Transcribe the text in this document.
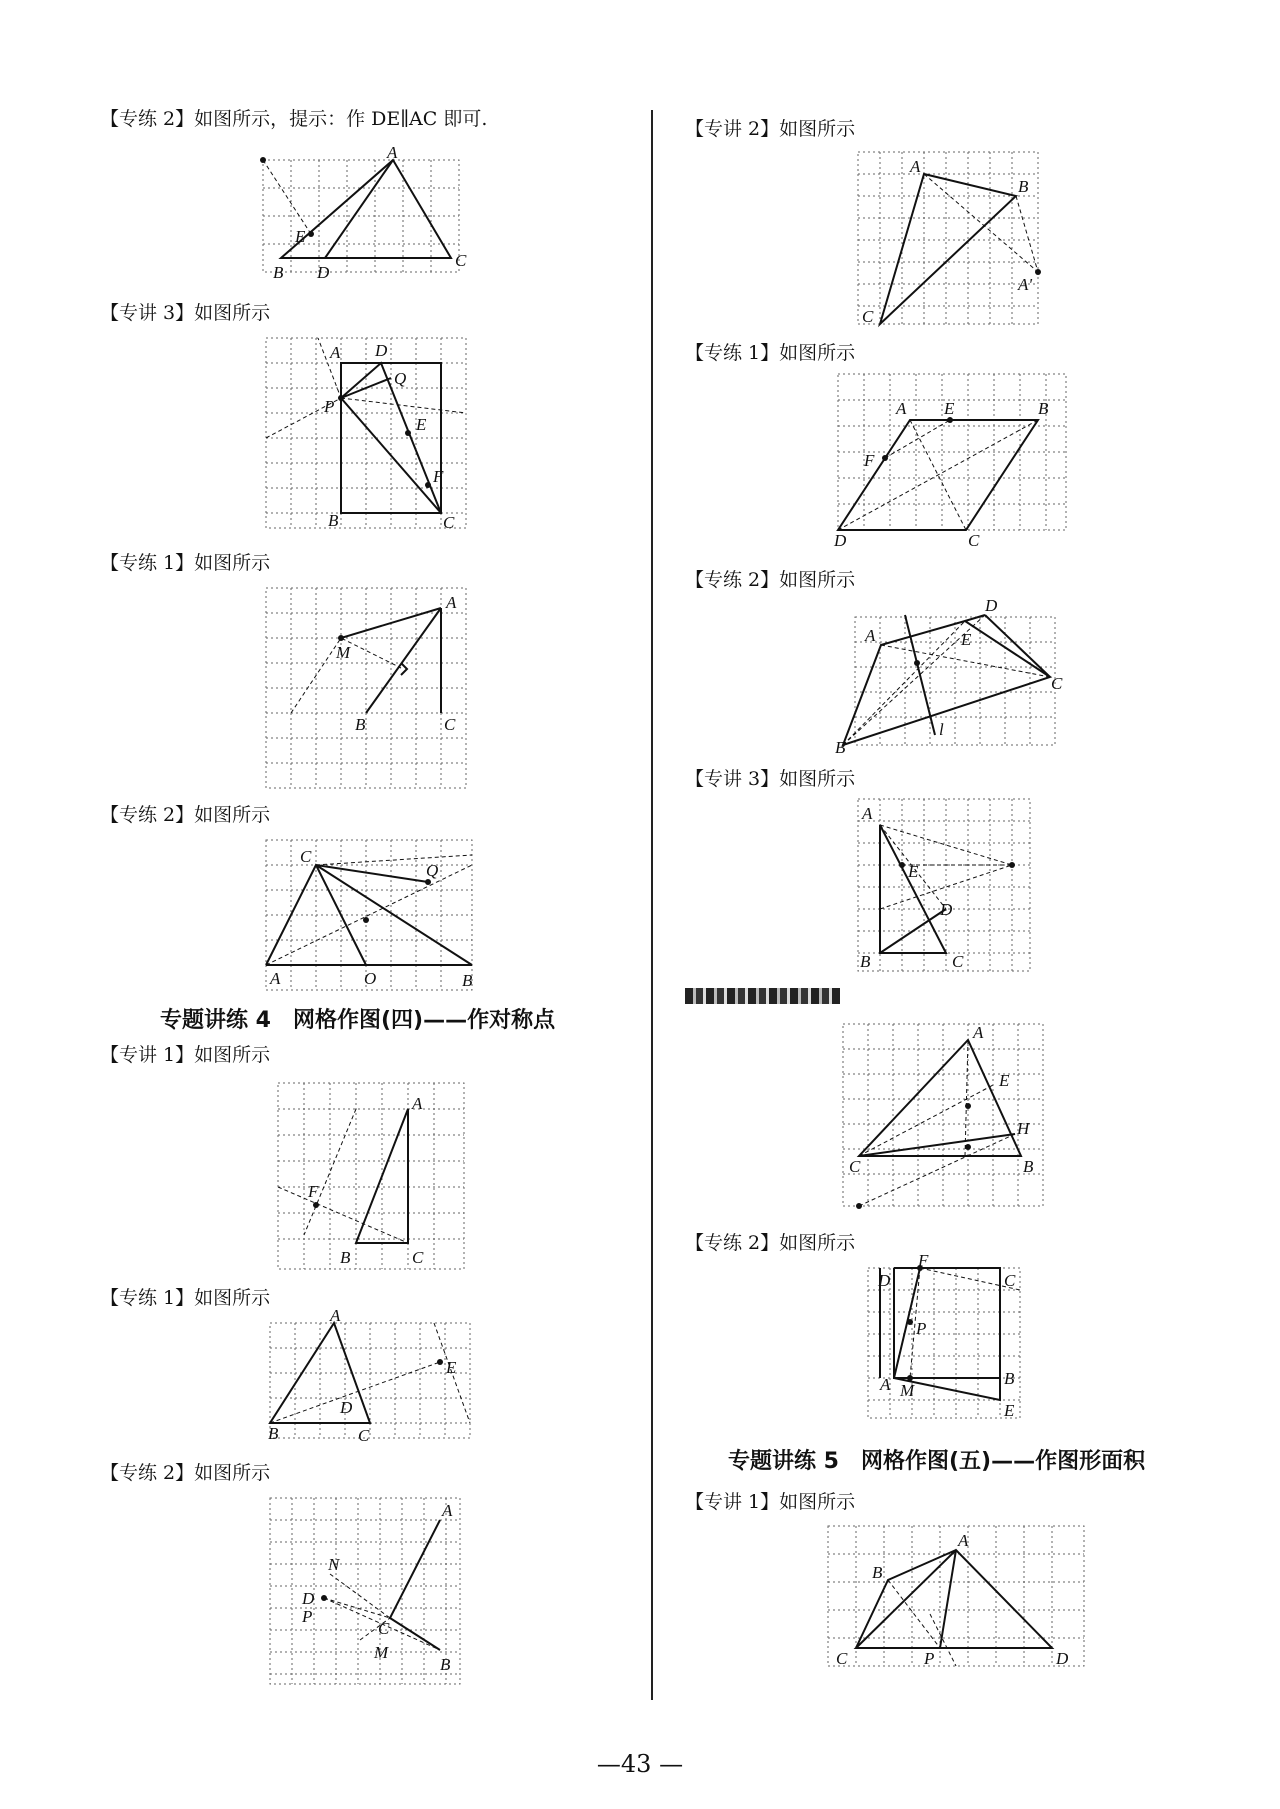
【专练 2】如图所示，提示：作 DE∥AC 即可.
A
B
C
D
E
【专讲 3】如图所示
A
B	C
D
E
F
P
Q
【专练 1】如图所示
A
B	C
M
【专练 2】如图所示
A	B
C
O
Q
专题讲练 4　网格作图(四)——作对称点
【专讲 1】如图所示
A
B	C
F
【专练 1】如图所示
A
B	C
D
E
【专练 2】如图所示
A
B
C
D
M
N
P
【专讲 2】如图所示
A
B
C
A'
【专练 1】如图所示
A	B
C
D
E
F
【专练 2】如图所示
A
B
C
D
E
l
【专讲 3】如图所示
A
B	C
D
E
A
B
C
E
H
【专练 2】如图所示
A	B
C
D
E
F
M
P
专题讲练 5　网格作图(五)——作图形面积
【专讲 1】如图所示
A
B
C	D
P
—43 —
